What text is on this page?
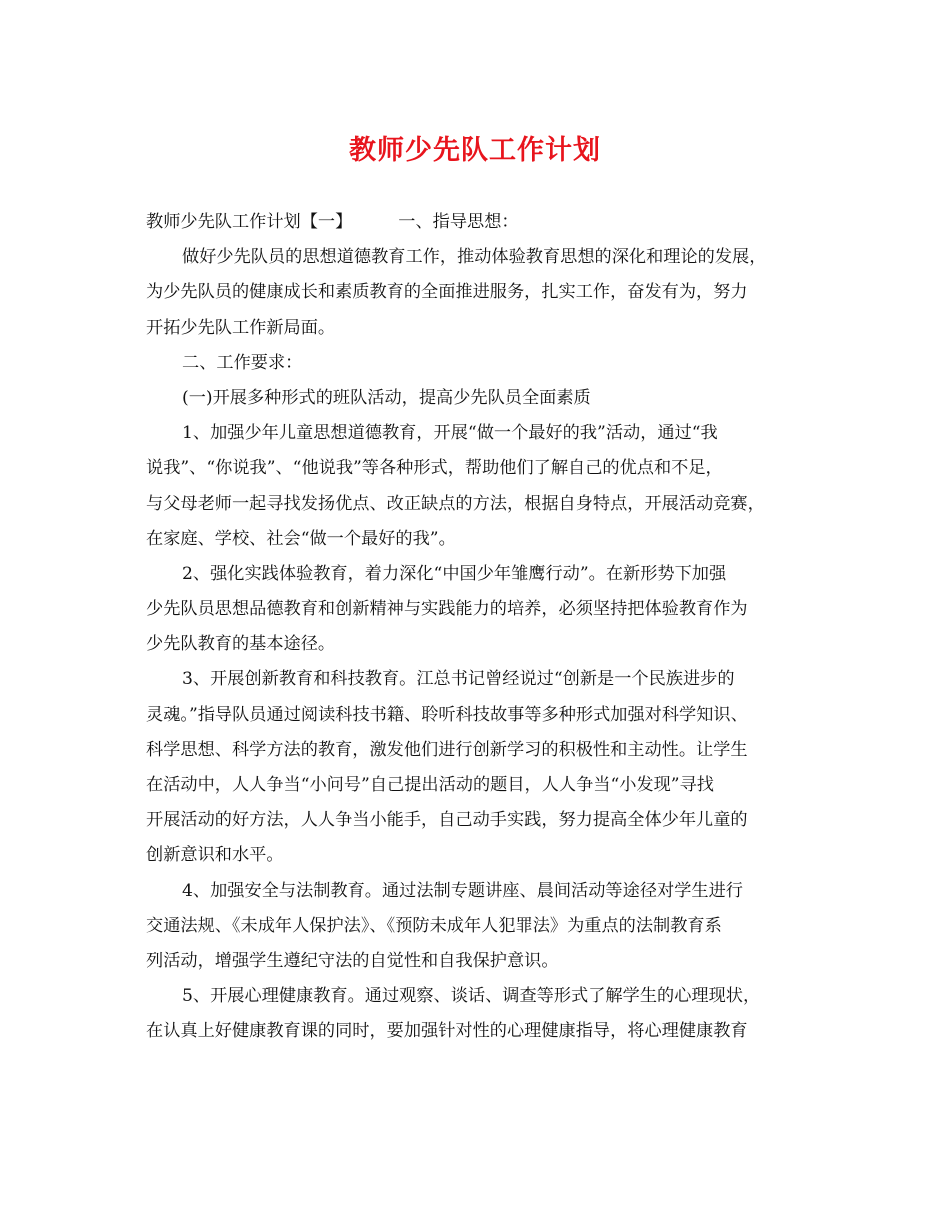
教师少先队工作计划
教师少先队工作计划【一】	一、指导思想：
做好少先队员的思想道德教育工作，推动体验教育思想的深化和理论的发展，
为少先队员的健康成长和素质教育的全面推进服务，扎实工作，奋发有为，努力
开拓少先队工作新局面。
二、工作要求：
(一)开展多种形式的班队活动，提高少先队员全面素质
1、加强少年儿童思想道德教育，开展“做一个最好的我”活动，通过“我
说我”、“你说我”、“他说我”等各种形式，帮助他们了解自己的优点和不足，
与父母老师一起寻找发扬优点、改正缺点的方法，根据自身特点，开展活动竞赛，
在家庭、学校、社会“做一个最好的我”。
2、强化实践体验教育，着力深化“中国少年雏鹰行动”。在新形势下加强
少先队员思想品德教育和创新精神与实践能力的培养，必须坚持把体验教育作为
少先队教育的基本途径。
3、开展创新教育和科技教育。江总书记曾经说过“创新是一个民族进步的
灵魂。”指导队员通过阅读科技书籍、聆听科技故事等多种形式加强对科学知识、
科学思想、科学方法的教育，激发他们进行创新学习的积极性和主动性。让学生
在活动中，人人争当“小问号”自己提出活动的题目，人人争当“小发现”寻找
开展活动的好方法，人人争当小能手，自己动手实践，努力提高全体少年儿童的
创新意识和水平。
4、加强安全与法制教育。通过法制专题讲座、晨间活动等途径对学生进行
交通法规、《未成年人保护法》、《预防未成年人犯罪法》为重点的法制教育系
列活动，增强学生遵纪守法的自觉性和自我保护意识。
5、开展心理健康教育。通过观察、谈话、调查等形式了解学生的心理现状，
在认真上好健康教育课的同时，要加强针对性的心理健康指导，将心理健康教育
